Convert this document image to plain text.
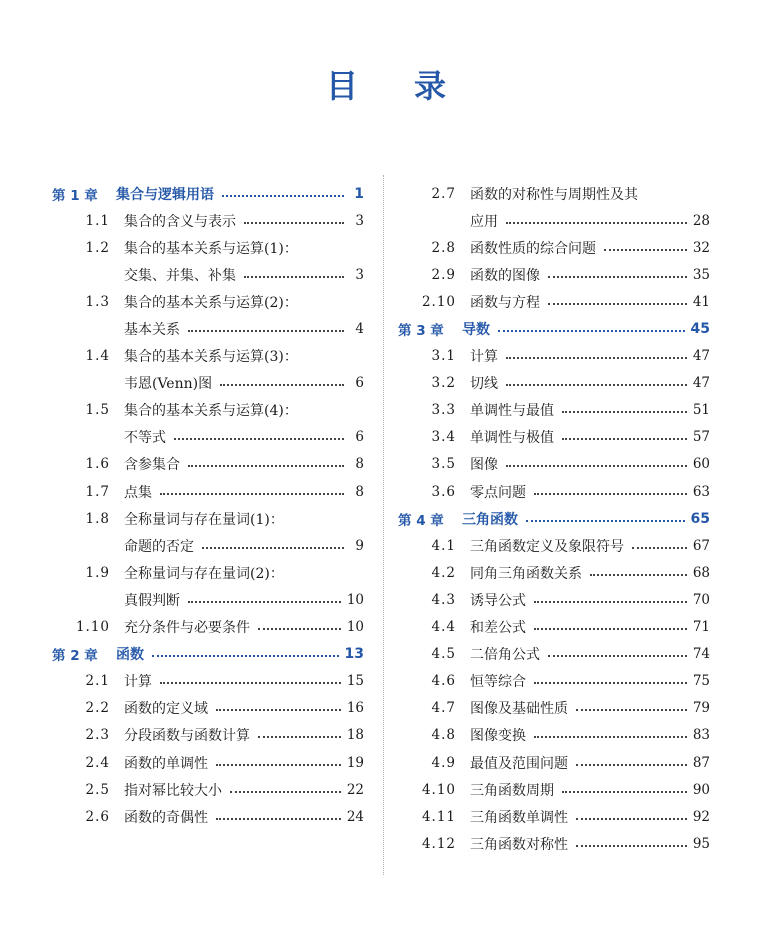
目录
第 1 章	集合与逻辑用语	1
1.1	集合的含义与表示	3
1.2	集合的基本关系与运算(1)：
交集、并集、补集	3
1.3	集合的基本关系与运算(2)：
基本关系	4
1.4	集合的基本关系与运算(3)：
韦恩(Venn)图	6
1.5	集合的基本关系与运算(4)：
不等式	6
1.6	含参集合	8
1.7	点集	8
1.8	全称量词与存在量词(1)：
命题的否定	9
1.9	全称量词与存在量词(2)：
真假判断	10
1.10	充分条件与必要条件	10
第 2 章	函数	13
2.1	计算	15
2.2	函数的定义域	16
2.3	分段函数与函数计算	18
2.4	函数的单调性	19
2.5	指对幂比较大小	22
2.6	函数的奇偶性	24
2.7	函数的对称性与周期性及其
应用	28
2.8	函数性质的综合问题	32
2.9	函数的图像	35
2.10	函数与方程	41
第 3 章	导数	45
3.1	计算	47
3.2	切线	47
3.3	单调性与最值	51
3.4	单调性与极值	57
3.5	图像	60
3.6	零点问题	63
第 4 章	三角函数	65
4.1	三角函数定义及象限符号	67
4.2	同角三角函数关系	68
4.3	诱导公式	70
4.4	和差公式	71
4.5	二倍角公式	74
4.6	恒等综合	75
4.7	图像及基础性质	79
4.8	图像变换	83
4.9	最值及范围问题	87
4.10	三角函数周期	90
4.11	三角函数单调性	92
4.12	三角函数对称性	95
